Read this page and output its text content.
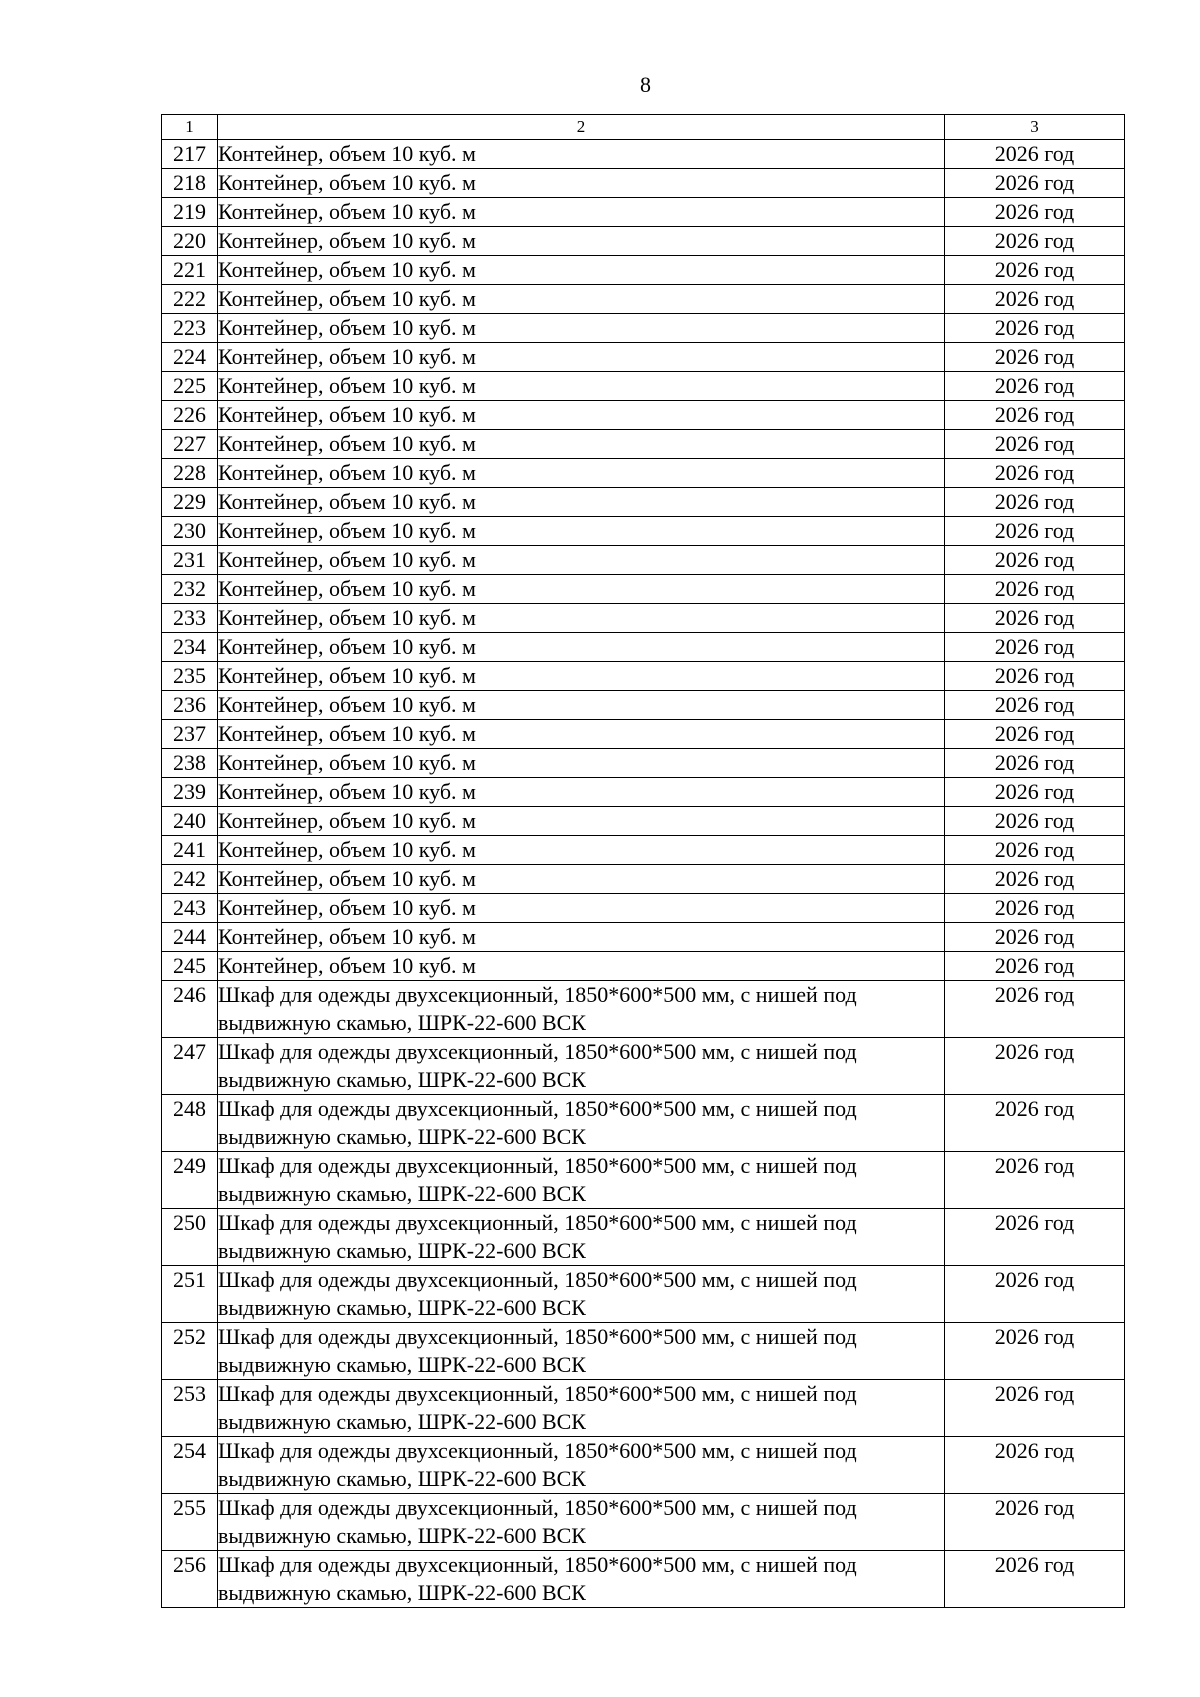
8
1	2	3
217	Контейнер, объем 10 куб. м	2026 год
218	Контейнер, объем 10 куб. м	2026 год
219	Контейнер, объем 10 куб. м	2026 год
220	Контейнер, объем 10 куб. м	2026 год
221	Контейнер, объем 10 куб. м	2026 год
222	Контейнер, объем 10 куб. м	2026 год
223	Контейнер, объем 10 куб. м	2026 год
224	Контейнер, объем 10 куб. м	2026 год
225	Контейнер, объем 10 куб. м	2026 год
226	Контейнер, объем 10 куб. м	2026 год
227	Контейнер, объем 10 куб. м	2026 год
228	Контейнер, объем 10 куб. м	2026 год
229	Контейнер, объем 10 куб. м	2026 год
230	Контейнер, объем 10 куб. м	2026 год
231	Контейнер, объем 10 куб. м	2026 год
232	Контейнер, объем 10 куб. м	2026 год
233	Контейнер, объем 10 куб. м	2026 год
234	Контейнер, объем 10 куб. м	2026 год
235	Контейнер, объем 10 куб. м	2026 год
236	Контейнер, объем 10 куб. м	2026 год
237	Контейнер, объем 10 куб. м	2026 год
238	Контейнер, объем 10 куб. м	2026 год
239	Контейнер, объем 10 куб. м	2026 год
240	Контейнер, объем 10 куб. м	2026 год
241	Контейнер, объем 10 куб. м	2026 год
242	Контейнер, объем 10 куб. м	2026 год
243	Контейнер, объем 10 куб. м	2026 год
244	Контейнер, объем 10 куб. м	2026 год
245	Контейнер, объем 10 куб. м	2026 год
246	Шкаф для одежды двухсекционный, 1850*600*500 мм, с нишей под выдвижную скамью, ШРК-22-600 ВСК	2026 год
247	Шкаф для одежды двухсекционный, 1850*600*500 мм, с нишей под выдвижную скамью, ШРК-22-600 ВСК	2026 год
248	Шкаф для одежды двухсекционный, 1850*600*500 мм, с нишей под выдвижную скамью, ШРК-22-600 ВСК	2026 год
249	Шкаф для одежды двухсекционный, 1850*600*500 мм, с нишей под выдвижную скамью, ШРК-22-600 ВСК	2026 год
250	Шкаф для одежды двухсекционный, 1850*600*500 мм, с нишей под выдвижную скамью, ШРК-22-600 ВСК	2026 год
251	Шкаф для одежды двухсекционный, 1850*600*500 мм, с нишей под выдвижную скамью, ШРК-22-600 ВСК	2026 год
252	Шкаф для одежды двухсекционный, 1850*600*500 мм, с нишей под выдвижную скамью, ШРК-22-600 ВСК	2026 год
253	Шкаф для одежды двухсекционный, 1850*600*500 мм, с нишей под выдвижную скамью, ШРК-22-600 ВСК	2026 год
254	Шкаф для одежды двухсекционный, 1850*600*500 мм, с нишей под выдвижную скамью, ШРК-22-600 ВСК	2026 год
255	Шкаф для одежды двухсекционный, 1850*600*500 мм, с нишей под выдвижную скамью, ШРК-22-600 ВСК	2026 год
256	Шкаф для одежды двухсекционный, 1850*600*500 мм, с нишей под выдвижную скамью, ШРК-22-600 ВСК	2026 год
